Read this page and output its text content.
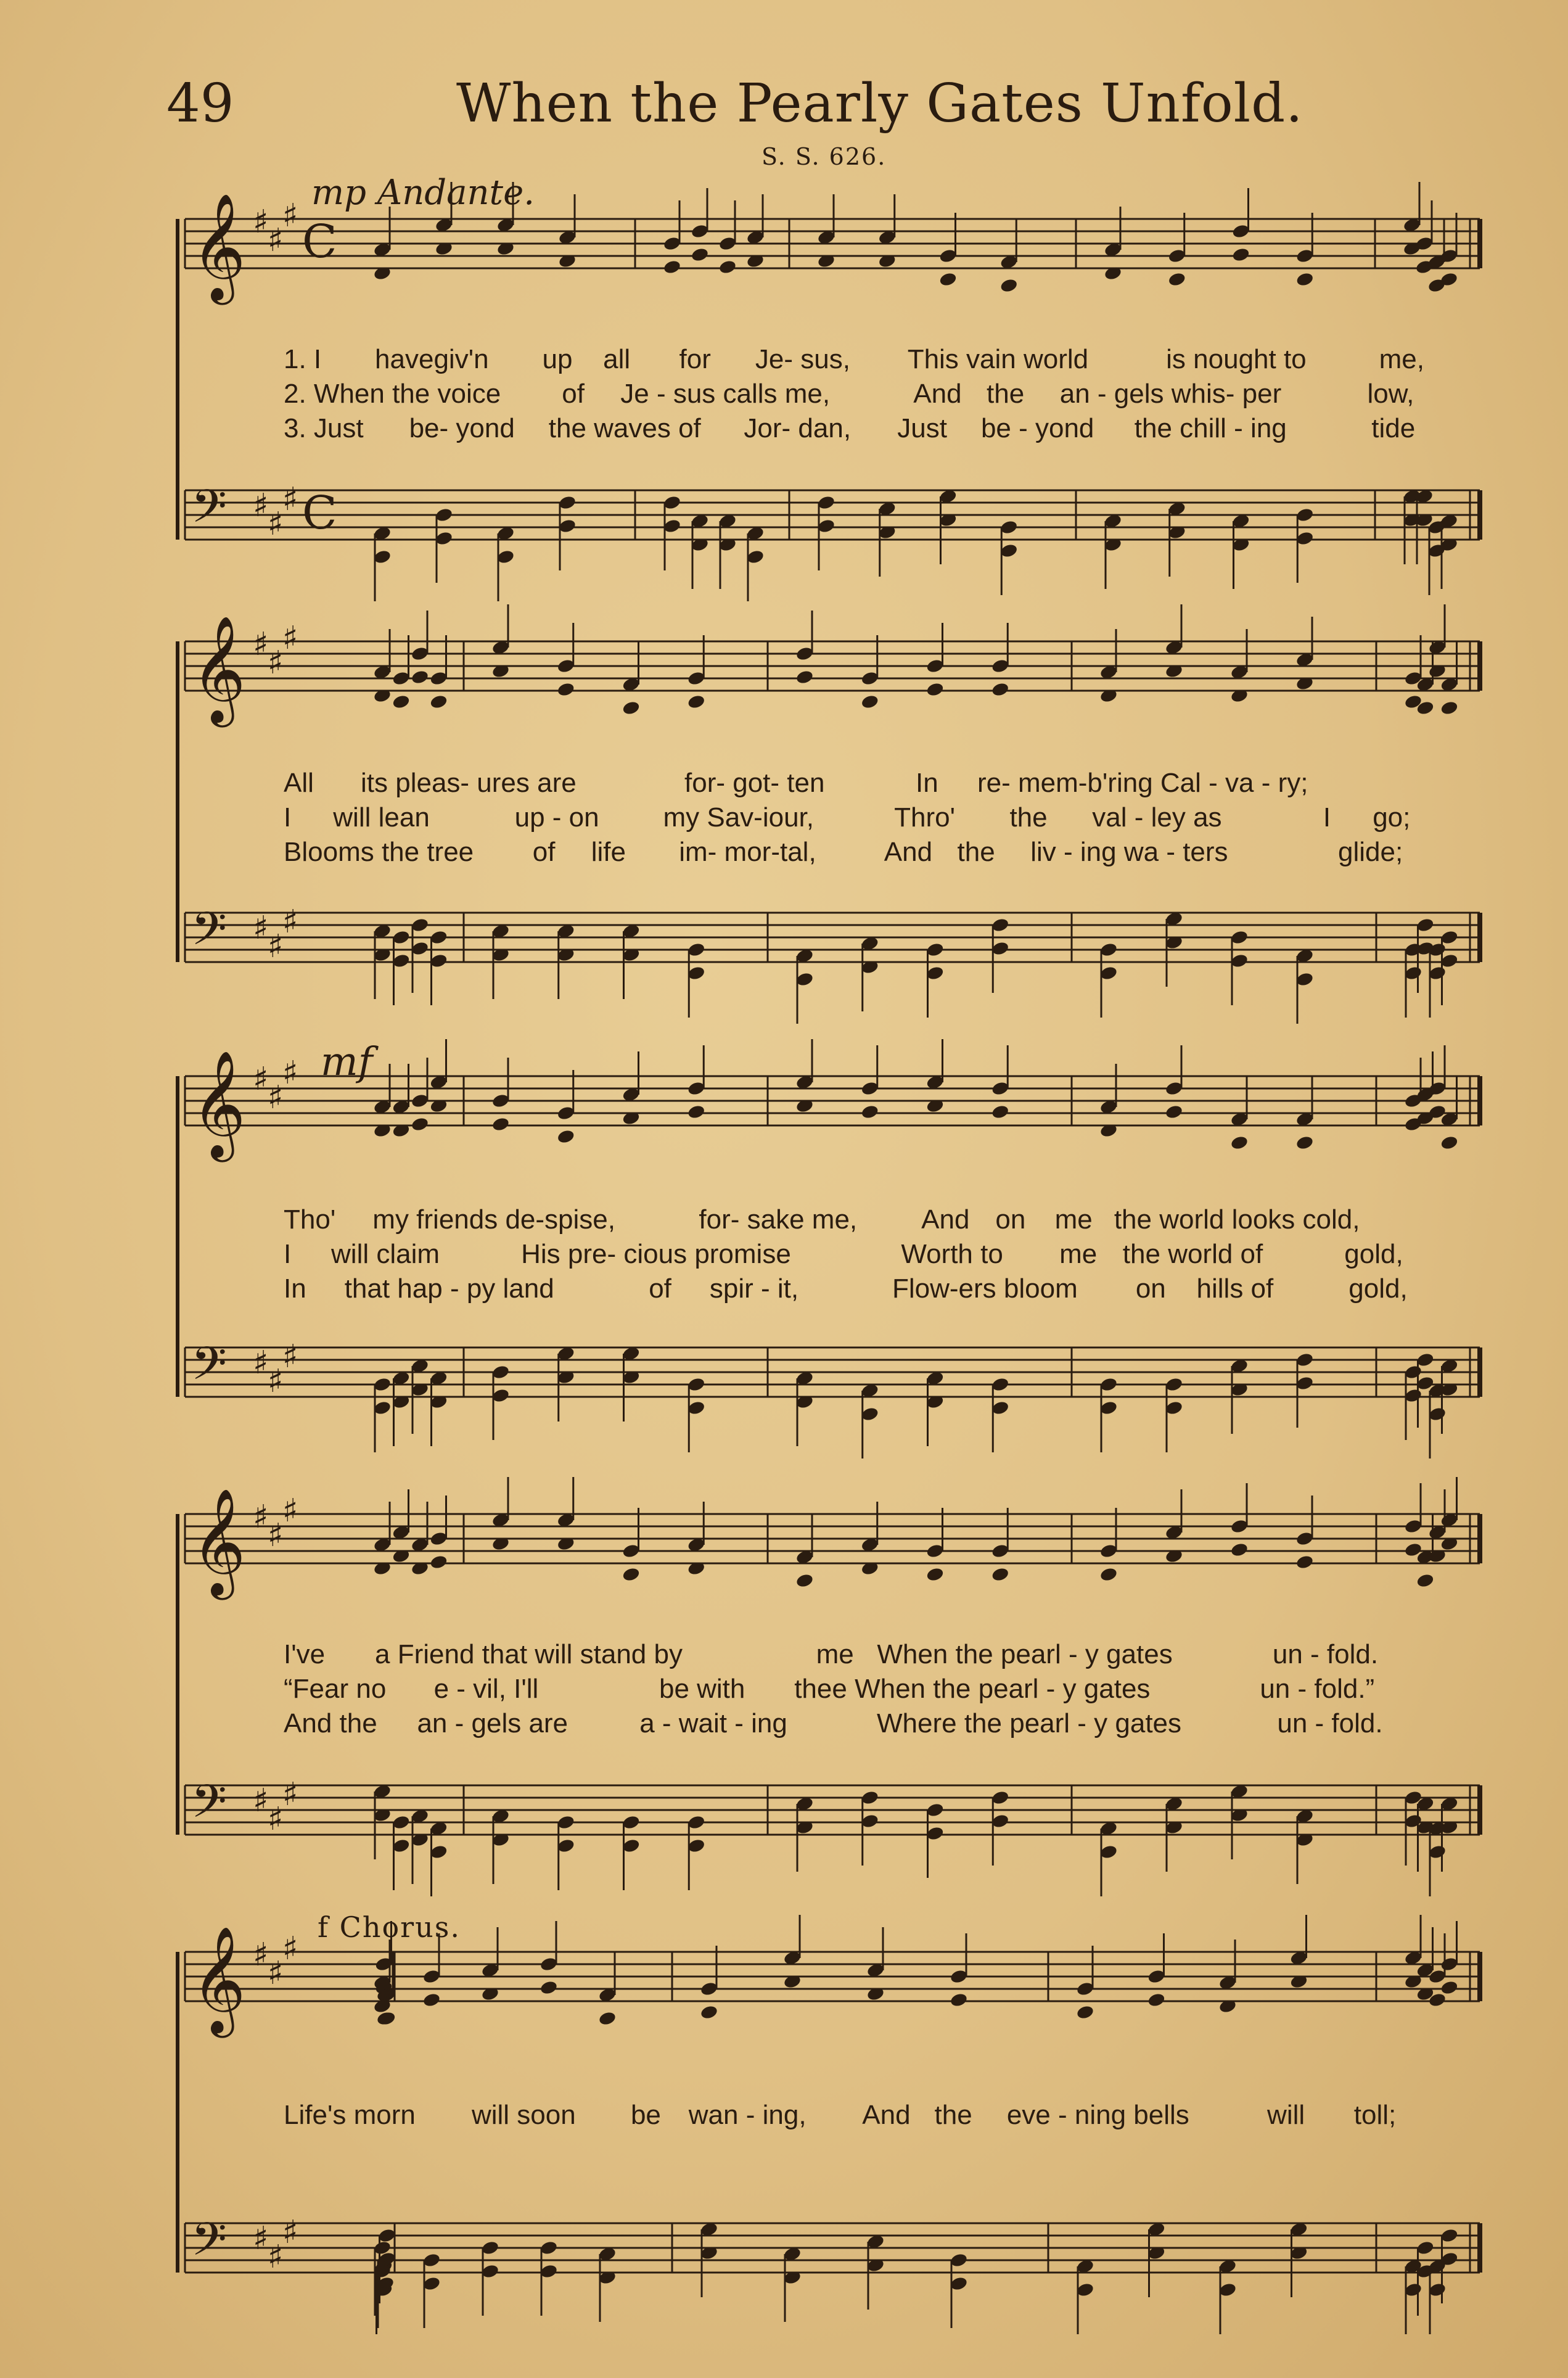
49	When the Pearly Gates Unfold.
S. S. 626.
mp Andante.
mf
f Chorus.
𝄞 ♯
♯
♯ C
𝄢 ♯
♯
♯ C
𝄞 ♯
♯
♯
𝄢 ♯
♯
♯
𝄞 ♯
♯
♯
𝄢 ♯
♯
♯
𝄞 ♯
♯
♯
𝄢 ♯
♯
♯
𝄞 ♯
♯
♯
𝄢 ♯
♯
♯
1. I havegiv'n up all for Je- sus, This vain world	is nought to	me,
2. When the voice of Je - sus calls me,	And the an - gels whis- per	low,
3. Just be- yond the waves of Jor- dan, Just be - yond the chill - ing	tide
All its pleas- ures are	for- got- ten	In re- mem-b'ring Cal - va - ry;
I will lean	up - on my Sav-iour,	Thro' the val - ley as	I go;
Blooms the tree of life im- mor-tal,	And the liv - ing wa - ters	glide;
Tho' my friends de-spise,	for- sake me, And on me the world looks cold,
I will claim	His pre- cious promise	Worth to me the world of	gold,
In that hap - py land	of spir - it,	Flow-ers bloom on hills of	gold,
I've a Friend that will stand by	me When the pearl - y gates	un - fold.
“Fear no e - vil, I'll	be with thee When the pearl - y gates	un - fold.”
And the an - gels are	a - wait - ing	Where the pearl - y gates	un - fold.
Life's morn will soon be wan - ing, And the eve - ning bells	will toll;
